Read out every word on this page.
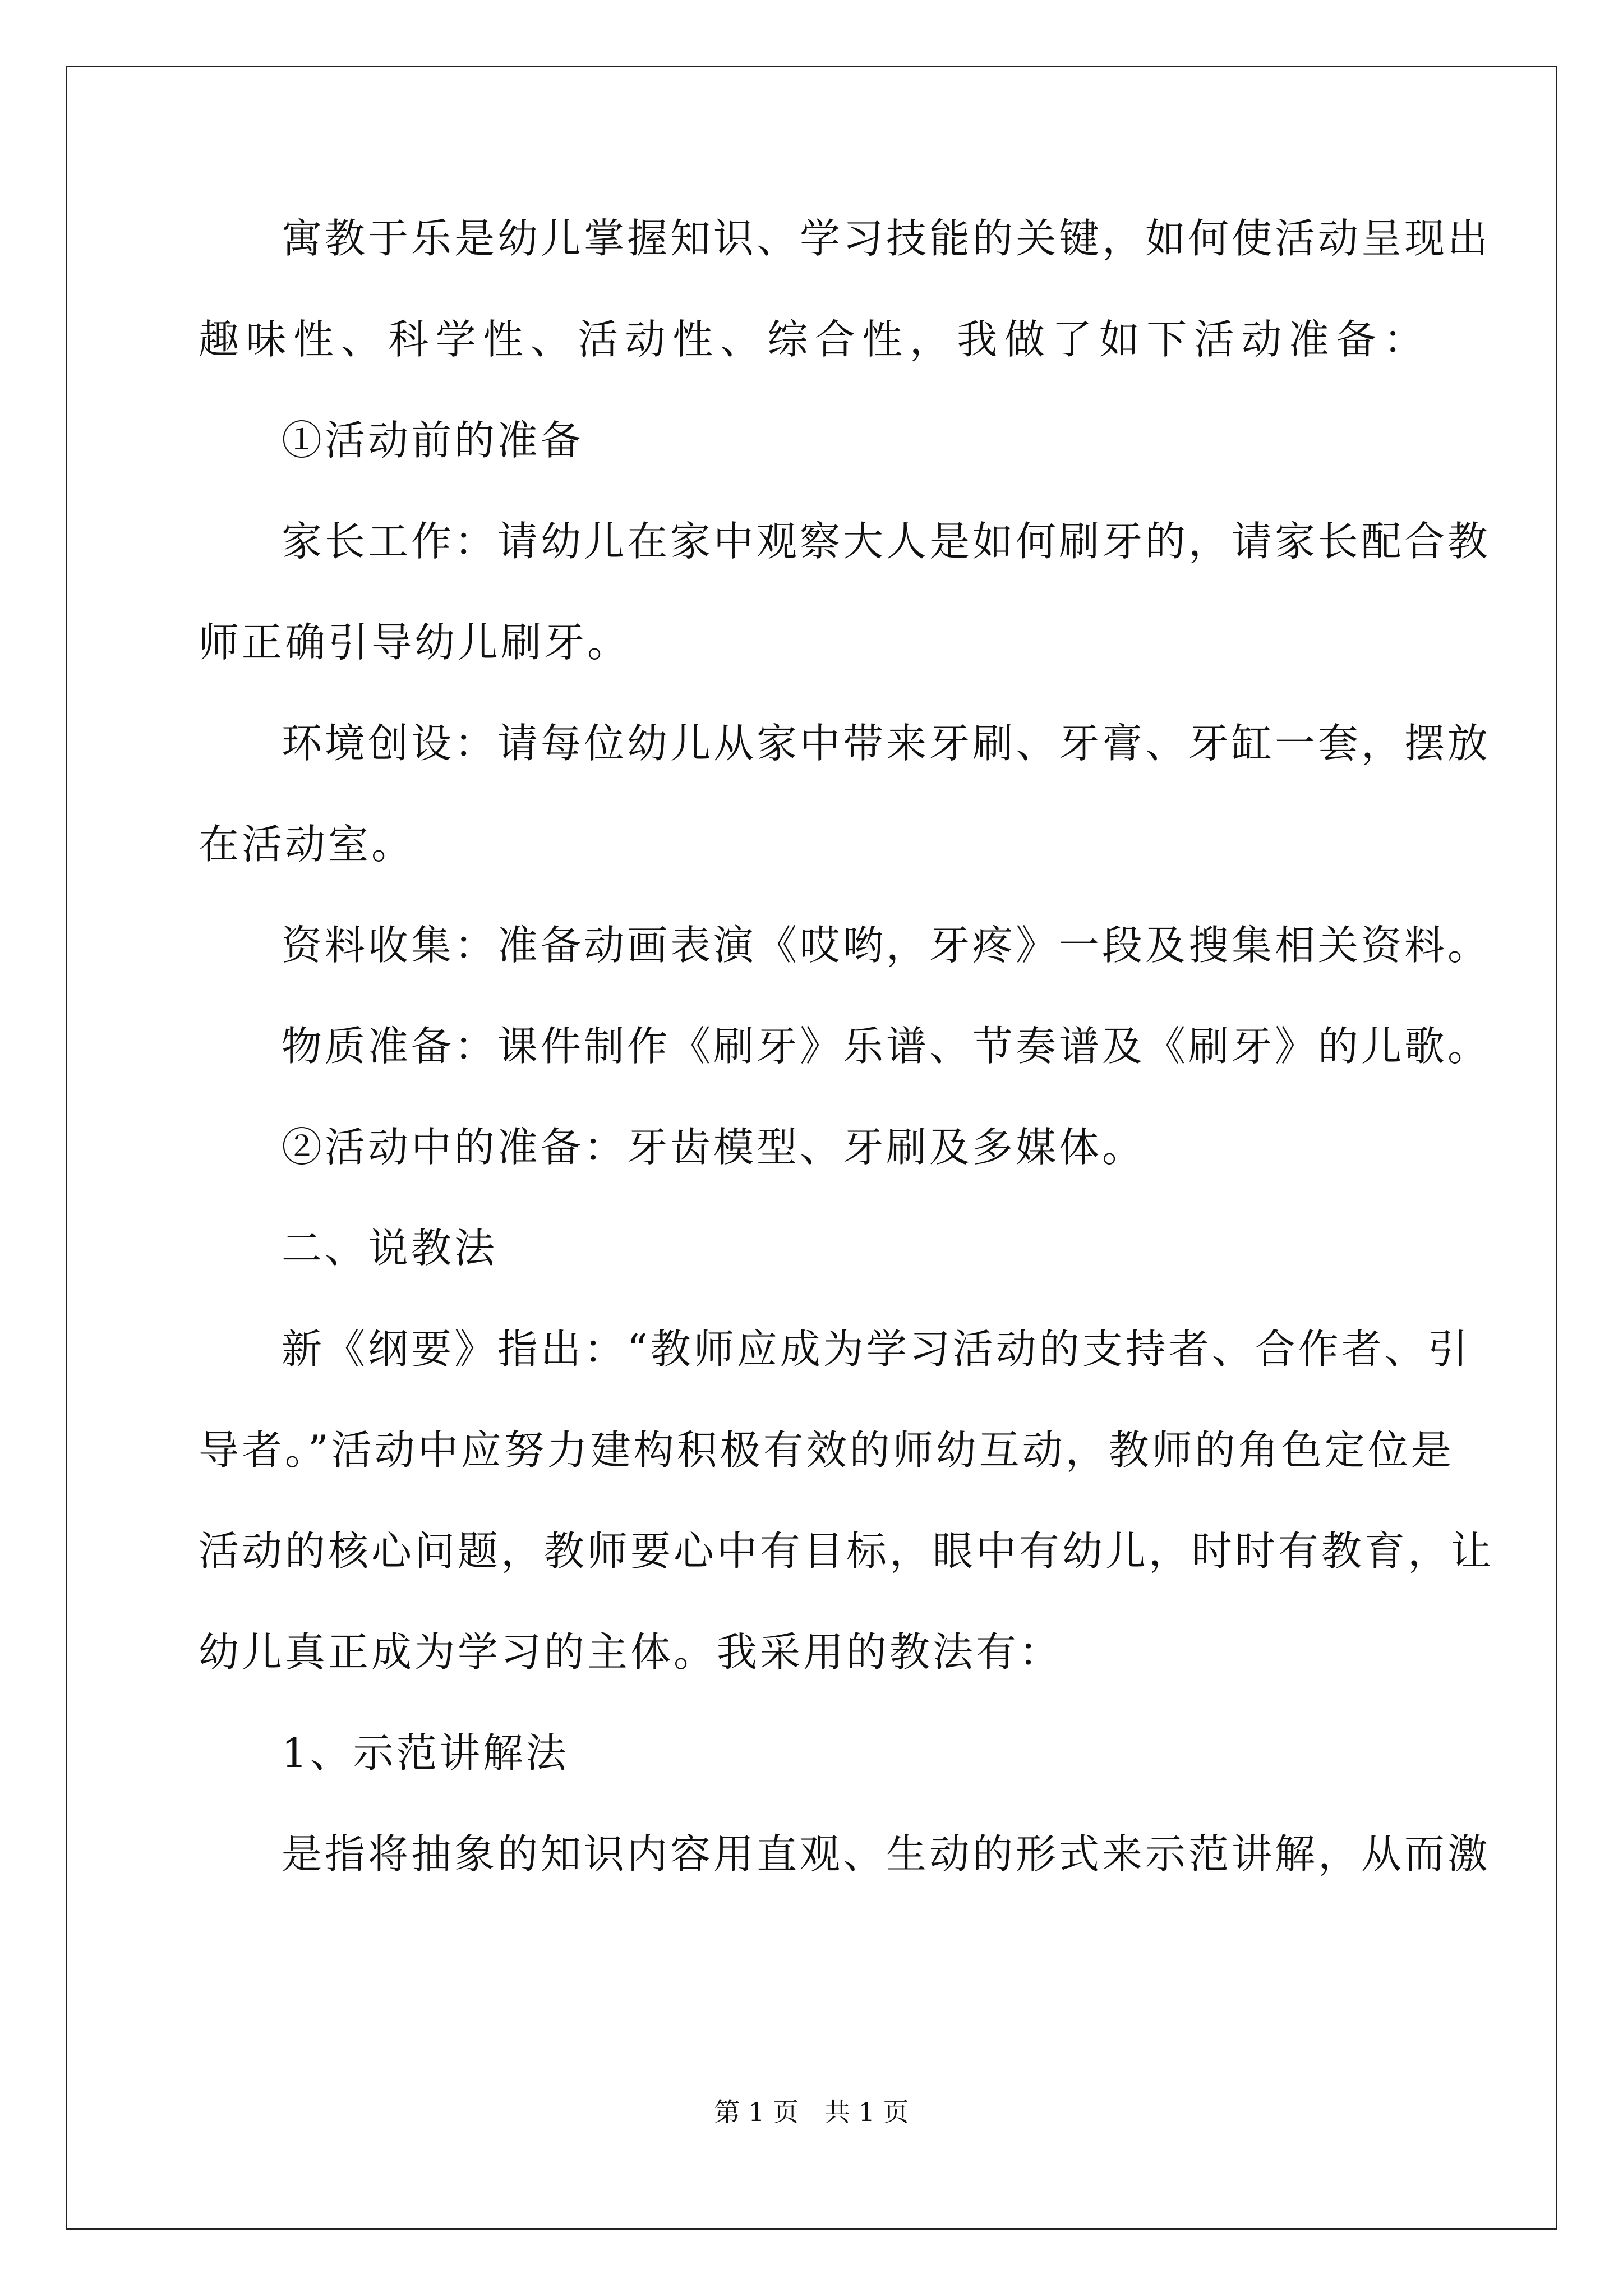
寓教于乐是幼儿掌握知识、学习技能的关键，如何使活动呈现出
趣味性、科学性、活动性、综合性，我做了如下活动准备：
①活动前的准备
家长工作：请幼儿在家中观察大人是如何刷牙的，请家长配合教
师正确引导幼儿刷牙。
环境创设：请每位幼儿从家中带来牙刷、牙膏、牙缸一套，摆放
在活动室。
资料收集：准备动画表演《哎哟，牙疼》一段及搜集相关资料。
物质准备：课件制作《刷牙》乐谱、节奏谱及《刷牙》的儿歌。
②活动中的准备：牙齿模型、牙刷及多媒体。
二、说教法
新《纲要》指出：“教师应成为学习活动的支持者、合作者、引
导者。”活动中应努力建构积极有效的师幼互动，教师的角色定位是
活动的核心问题，教师要心中有目标，眼中有幼儿，时时有教育，让
幼儿真正成为学习的主体。我采用的教法有：
1、示范讲解法
是指将抽象的知识内容用直观、生动的形式来示范讲解，从而激
第 1 页　共 1 页
